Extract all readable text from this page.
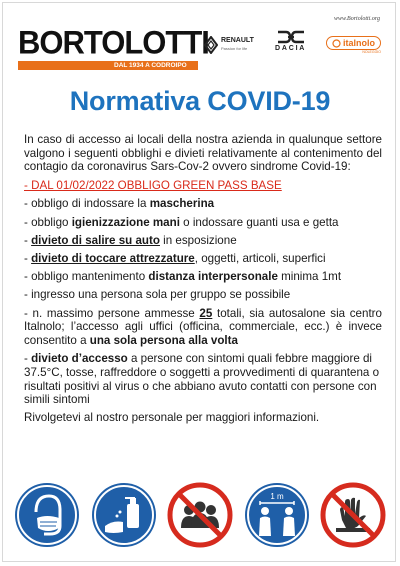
www.Bortolotti.org
BORTOLOTTI
DAL 1934 A CODROIPO
RENAULT
Passion for life	DACIA
italnolo
NOLEGGIO
Normativa COVID-19

In caso di accesso ai locali della nostra azienda in qualunque settore valgono i seguenti obblighi e divieti relativamente al contenimento del contagio da coronavirus Sars-Cov-2 ovvero sindrome Covid-19:

- DAL 01/02/2022 OBBLIGO GREEN PASS BASE

- obbligo di indossare la mascherina

- obbligo igienizzazione mani o indossare guanti usa e getta

- divieto di salire su auto in esposizione

- divieto di toccare attrezzature, oggetti, articoli, superfici

- obbligo mantenimento distanza interpersonale minima 1mt

- ingresso una persona sola per gruppo se possibile

- n. massimo persone ammesse 25 totali, sia autosalone sia centro Italnolo; l’accesso agli uffici (officina, commerciale, ecc.) è invece consentito a una sola persona alla volta

- divieto d’accesso a persone con sintomi quali febbre maggiore di 37.5°C, tosse, raffreddore o soggetti a provvedimenti di quarantena o risultati positivi al virus o che abbiano avuto contatti con persone con simili sintomi

Rivolgetevi al nostro personale per maggiori informazioni.

1 m
